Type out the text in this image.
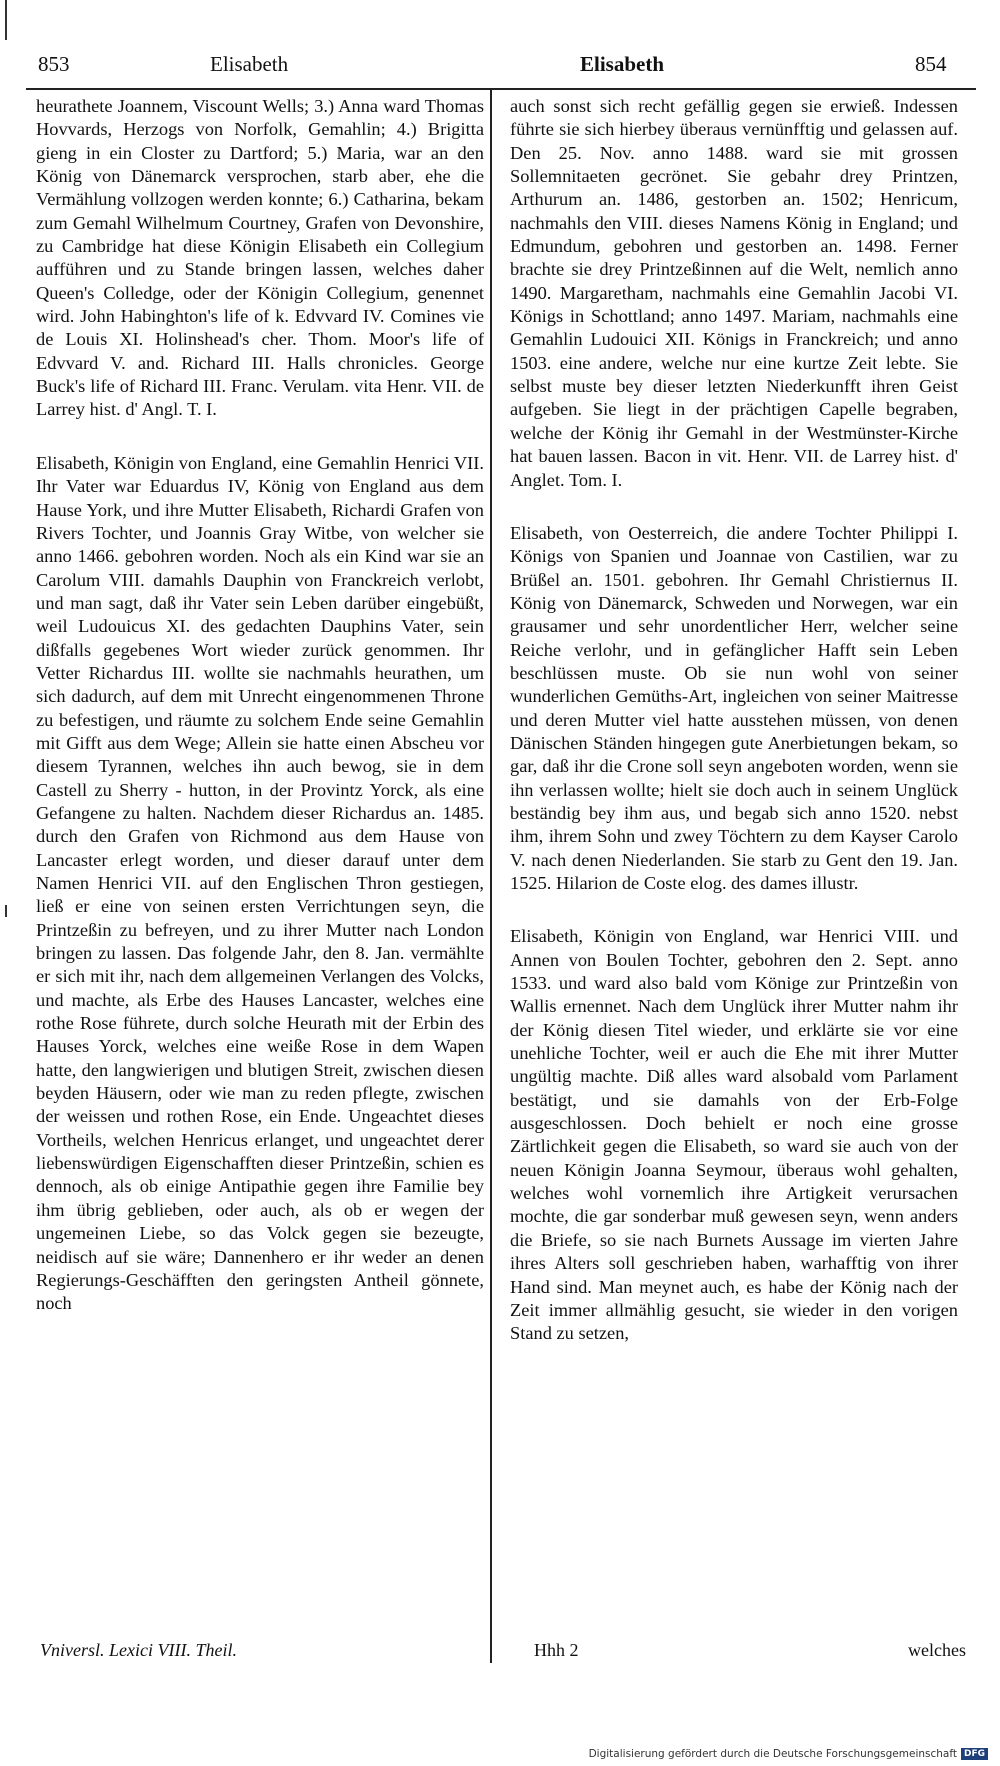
853	Elisabeth	Elisabeth	854

heurathete Joannem, Viscount Wells; 3.) Anna ward Thomas Hovvards, Herzogs von Norfolk, Gemahlin; 4.) Brigitta gieng in ein Closter zu Dartford; 5.) Maria, war an den König von Dänemarck versprochen, starb aber, ehe die Vermählung vollzogen werden konnte; 6.) Catharina, bekam zum Gemahl Wilhelmum Courtney, Grafen von Devonshire, zu Cambridge hat diese Königin Elisabeth ein Collegium aufführen und zu Stande bringen lassen, welches daher Queen's Colledge, oder der Königin Collegium, genennet wird. John Habinghton's life of k. Edvvard IV. Comines vie de Louis XI. Holinshead's cher. Thom. Moor's life of Edvvard V. and. Richard III. Halls chronicles. George Buck's life of Richard III. Franc. Verulam. vita Henr. VII. de Larrey hist. d' Angl. T. I.

Elisabeth, Königin von England, eine Gemahlin Henrici VII. Ihr Vater war Eduardus IV, König von England aus dem Hause York, und ihre Mutter Elisabeth, Richardi Grafen von Rivers Tochter, und Joannis Gray Witbe, von welcher sie anno 1466. gebohren worden. Noch als ein Kind war sie an Carolum VIII. damahls Dauphin von Franckreich verlobt, und man sagt, daß ihr Vater sein Leben darüber eingebüßt, weil Ludouicus XI. des gedachten Dauphins Vater, sein dißfalls gegebenes Wort wieder zurück genommen. Ihr Vetter Richardus III. wollte sie nachmahls heurathen, um sich dadurch, auf dem mit Unrecht eingenommenen Throne zu befestigen, und räumte zu solchem Ende seine Gemahlin mit Gifft aus dem Wege; Allein sie hatte einen Abscheu vor diesem Tyrannen, welches ihn auch bewog, sie in dem Castell zu Sherry - hutton, in der Provintz Yorck, als eine Gefangene zu halten. Nachdem dieser Richardus an. 1485. durch den Grafen von Richmond aus dem Hause von Lancaster erlegt worden, und dieser darauf unter dem Namen Henrici VII. auf den Englischen Thron gestiegen, ließ er eine von seinen ersten Verrichtungen seyn, die Printzeßin zu befreyen, und zu ihrer Mutter nach London bringen zu lassen. Das folgende Jahr, den 8. Jan. vermählte er sich mit ihr, nach dem allgemeinen Verlangen des Volcks, und machte, als Erbe des Hauses Lancaster, welches eine rothe Rose führete, durch solche Heurath mit der Erbin des Hauses Yorck, welches eine weiße Rose in dem Wapen hatte, den langwierigen und blutigen Streit, zwischen diesen beyden Häusern, oder wie man zu reden pflegte, zwischen der weissen und rothen Rose, ein Ende. Ungeachtet dieses Vortheils, welchen Henricus erlanget, und ungeachtet derer liebenswürdigen Eigenschafften dieser Printzeßin, schien es dennoch, als ob einige Antipathie gegen ihre Familie bey ihm übrig geblieben, oder auch, als ob er wegen der ungemeinen Liebe, so das Volck gegen sie bezeugte, neidisch auf sie wäre; Dannenhero er ihr weder an denen Regierungs-Geschäfften den geringsten Antheil gönnete, noch

auch sonst sich recht gefällig gegen sie erwieß. Indessen führte sie sich hierbey überaus vernünfftig und gelassen auf. Den 25. Nov. anno 1488. ward sie mit grossen Sollemnitaeten gecrönet. Sie gebahr drey Printzen, Arthurum an. 1486, gestorben an. 1502; Henricum, nachmahls den VIII. dieses Namens König in England; und Edmundum, gebohren und gestorben an. 1498. Ferner brachte sie drey Printzeßinnen auf die Welt, nemlich anno 1490. Margaretham, nachmahls eine Gemahlin Jacobi VI. Königs in Schottland; anno 1497. Mariam, nachmahls eine Gemahlin Ludouici XII. Königs in Franckreich; und anno 1503. eine andere, welche nur eine kurtze Zeit lebte. Sie selbst muste bey dieser letzten Niederkunfft ihren Geist aufgeben. Sie liegt in der prächtigen Capelle begraben, welche der König ihr Gemahl in der Westmünster-Kirche hat bauen lassen. Bacon in vit. Henr. VII. de Larrey hist. d' Anglet. Tom. I.

Elisabeth, von Oesterreich, die andere Tochter Philippi I. Königs von Spanien und Joannae von Castilien, war zu Brüßel an. 1501. gebohren. Ihr Gemahl Christiernus II. König von Dänemarck, Schweden und Norwegen, war ein grausamer und sehr unordentlicher Herr, welcher seine Reiche verlohr, und in gefänglicher Hafft sein Leben beschlüssen muste. Ob sie nun wohl von seiner wunderlichen Gemüths-Art, ingleichen von seiner Maitresse und deren Mutter viel hatte ausstehen müssen, von denen Dänischen Ständen hingegen gute Anerbietungen bekam, so gar, daß ihr die Crone soll seyn angeboten worden, wenn sie ihn verlassen wollte; hielt sie doch auch in seinem Unglück beständig bey ihm aus, und begab sich anno 1520. nebst ihm, ihrem Sohn und zwey Töchtern zu dem Kayser Carolo V. nach denen Niederlanden. Sie starb zu Gent den 19. Jan. 1525. Hilarion de Coste elog. des dames illustr.

Elisabeth, Königin von England, war Henrici VIII. und Annen von Boulen Tochter, gebohren den 2. Sept. anno 1533. und ward also bald vom Könige zur Printzeßin von Wallis ernennet. Nach dem Unglück ihrer Mutter nahm ihr der König diesen Titel wieder, und erklärte sie vor eine unehliche Tochter, weil er auch die Ehe mit ihrer Mutter ungültig machte. Diß alles ward alsobald vom Parlament bestätigt, und sie damahls von der Erb-Folge ausgeschlossen. Doch behielt er noch eine grosse Zärtlichkeit gegen die Elisabeth, so ward sie auch von der neuen Königin Joanna Seymour, überaus wohl gehalten, welches wohl vornemlich ihre Artigkeit verursachen mochte, die gar sonderbar muß gewesen seyn, wenn anders die Briefe, so sie nach Burnets Aussage im vierten Jahre ihres Alters soll geschrieben haben, warhafftig von ihrer Hand sind. Man meynet auch, es habe der König nach der Zeit immer allmählig gesucht, sie wieder in den vorigen Stand zu setzen,

Vniversl. Lexici VIII. Theil.	Hhh 2	welches
Digitalisierung gefördert durch die Deutsche Forschungsgemeinschaft DFG
